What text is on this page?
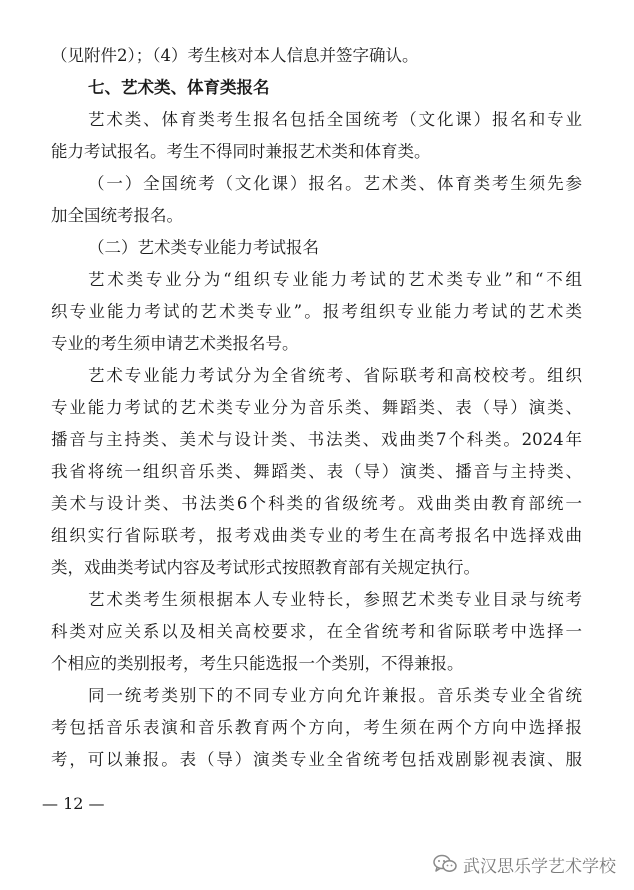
（见附件2）；（4）考生核对本人信息并签字确认。
七、艺术类、体育类报名
艺术类、体育类考生报名包括全国统考（文化课）报名和专业
能力考试报名。考生不得同时兼报艺术类和体育类。
（一）全国统考（文化课）报名。艺术类、体育类考生须先参
加全国统考报名。
（二）艺术类专业能力考试报名
艺术类专业分为“组织专业能力考试的艺术类专业”和“不组
织专业能力考试的艺术类专业”。报考组织专业能力考试的艺术类
专业的考生须申请艺术类报名号。
艺术专业能力考试分为全省统考、省际联考和高校校考。组织
专业能力考试的艺术类专业分为音乐类、舞蹈类、表（导）演类、
播音与主持类、美术与设计类、书法类、戏曲类7个科类。2024年
我省将统一组织音乐类、舞蹈类、表（导）演类、播音与主持类、
美术与设计类、书法类6个科类的省级统考。戏曲类由教育部统一
组织实行省际联考，报考戏曲类专业的考生在高考报名中选择戏曲
类，戏曲类考试内容及考试形式按照教育部有关规定执行。
艺术类考生须根据本人专业特长，参照艺术类专业目录与统考
科类对应关系以及相关高校要求，在全省统考和省际联考中选择一
个相应的类别报考，考生只能选报一个类别，不得兼报。
同一统考类别下的不同专业方向允许兼报。音乐类专业全省统
考包括音乐表演和音乐教育两个方向，考生须在两个方向中选择报
考，可以兼报。表（导）演类专业全省统考包括戏剧影视表演、服
— 12 —
武汉思乐学艺术学校
